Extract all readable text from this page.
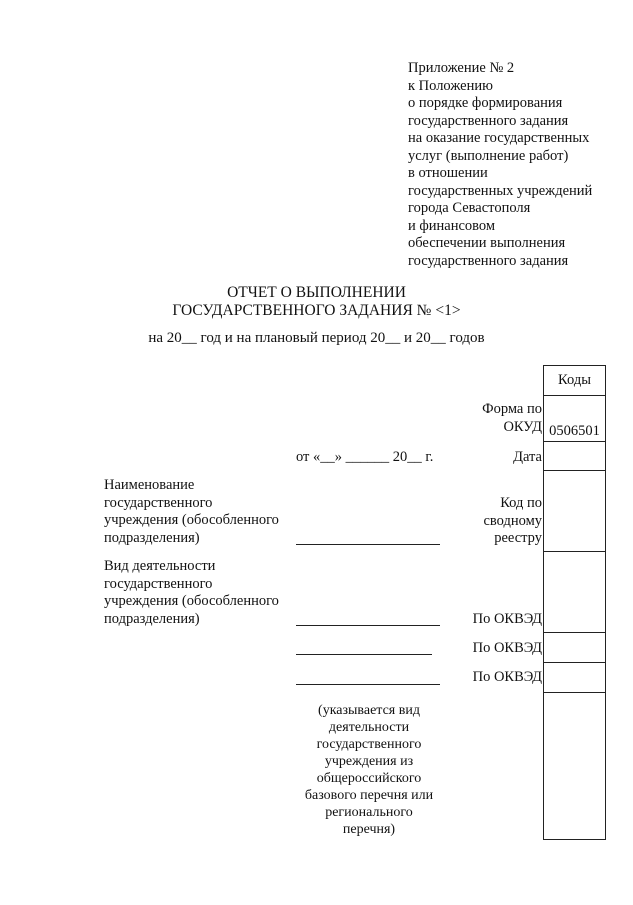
Приложение № 2
к Положению
о порядке формирования
государственного задания
на оказание государственных
услуг (выполнение работ)
в отношении
государственных учреждений
города Севастополя
и финансовом
обеспечении выполнения
государственного задания
ОТЧЕТ О ВЫПОЛНЕНИИ
ГОСУДАРСТВЕННОГО ЗАДАНИЯ № <1>
на 20__ год и на плановый период 20__ и 20__ годов
Коды
0506501
Форма по
ОКУД
Дата
Код по
сводному
реестру
По ОКВЭД
По ОКВЭД
По ОКВЭД
от «__» ______ 20__ г.
Наименование
государственного
учреждения (обособленного
подразделения)
Вид деятельности
государственного
учреждения (обособленного
подразделения)
(указывается вид
деятельности
государственного
учреждения из
общероссийского
базового перечня или
регионального
перечня)
